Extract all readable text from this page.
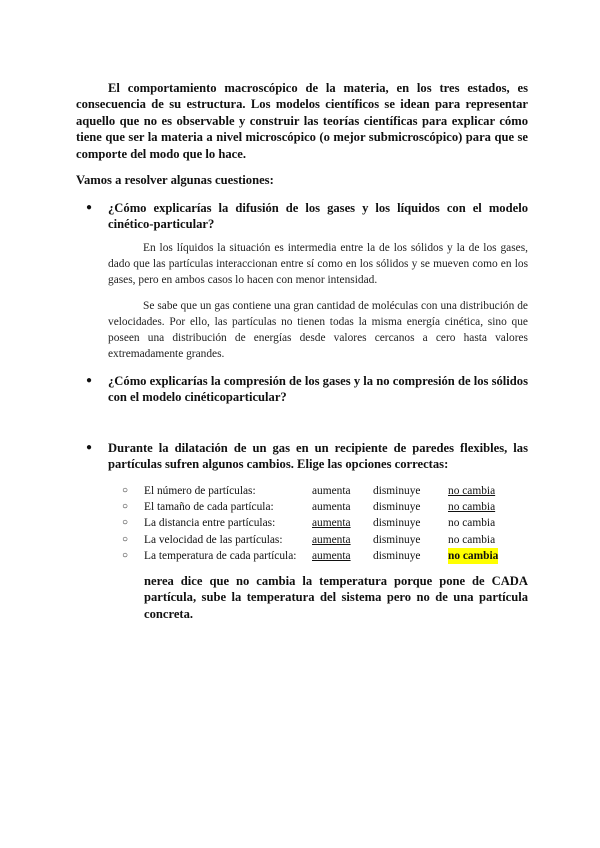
El comportamiento macroscópico de la materia, en los tres estados, es consecuencia de su estructura. Los modelos científicos se idean para representar aquello que no es observable y construir las teorías científicas para explicar cómo tiene que ser la materia a nivel microscópico (o mejor submicroscópico) para que se comporte del modo que lo hace.

Vamos a resolver algunas cuestiones:

● ¿Cómo explicarías la difusión de los gases y los líquidos con el modelo cinético-particular?

En los líquidos la situación es intermedia entre la de los sólidos y la de los gases, dado que las partículas interaccionan entre sí como en los sólidos y se mueven como en los gases, pero en ambos casos lo hacen con menor intensidad.

Se sabe que un gas contiene una gran cantidad de moléculas con una distribución de velocidades. Por ello, las partículas no tienen todas la misma energía cinética, sino que poseen una distribución de energías desde valores cercanos a cero hasta valores extremadamente grandes.

● ¿Cómo explicarías la compresión de los gases y la no compresión de los sólidos con el modelo cinéticoparticular?

● Durante la dilatación de un gas en un recipiente de paredes flexibles, las partículas sufren algunos cambios. Elige las opciones correctas:

○ El número de partículas:	aumenta disminuye no cambia
○ El tamaño de cada partícula:	aumenta disminuye no cambia
○ La distancia entre partículas:	aumenta disminuye no cambia
○ La velocidad de las partículas:	aumenta disminuye no cambia
○ La temperatura de cada partícula: aumenta disminuye no cambia

nerea dice que no cambia la temperatura porque pone de CADA partícula, sube la temperatura del sistema pero no de una partícula concreta.
